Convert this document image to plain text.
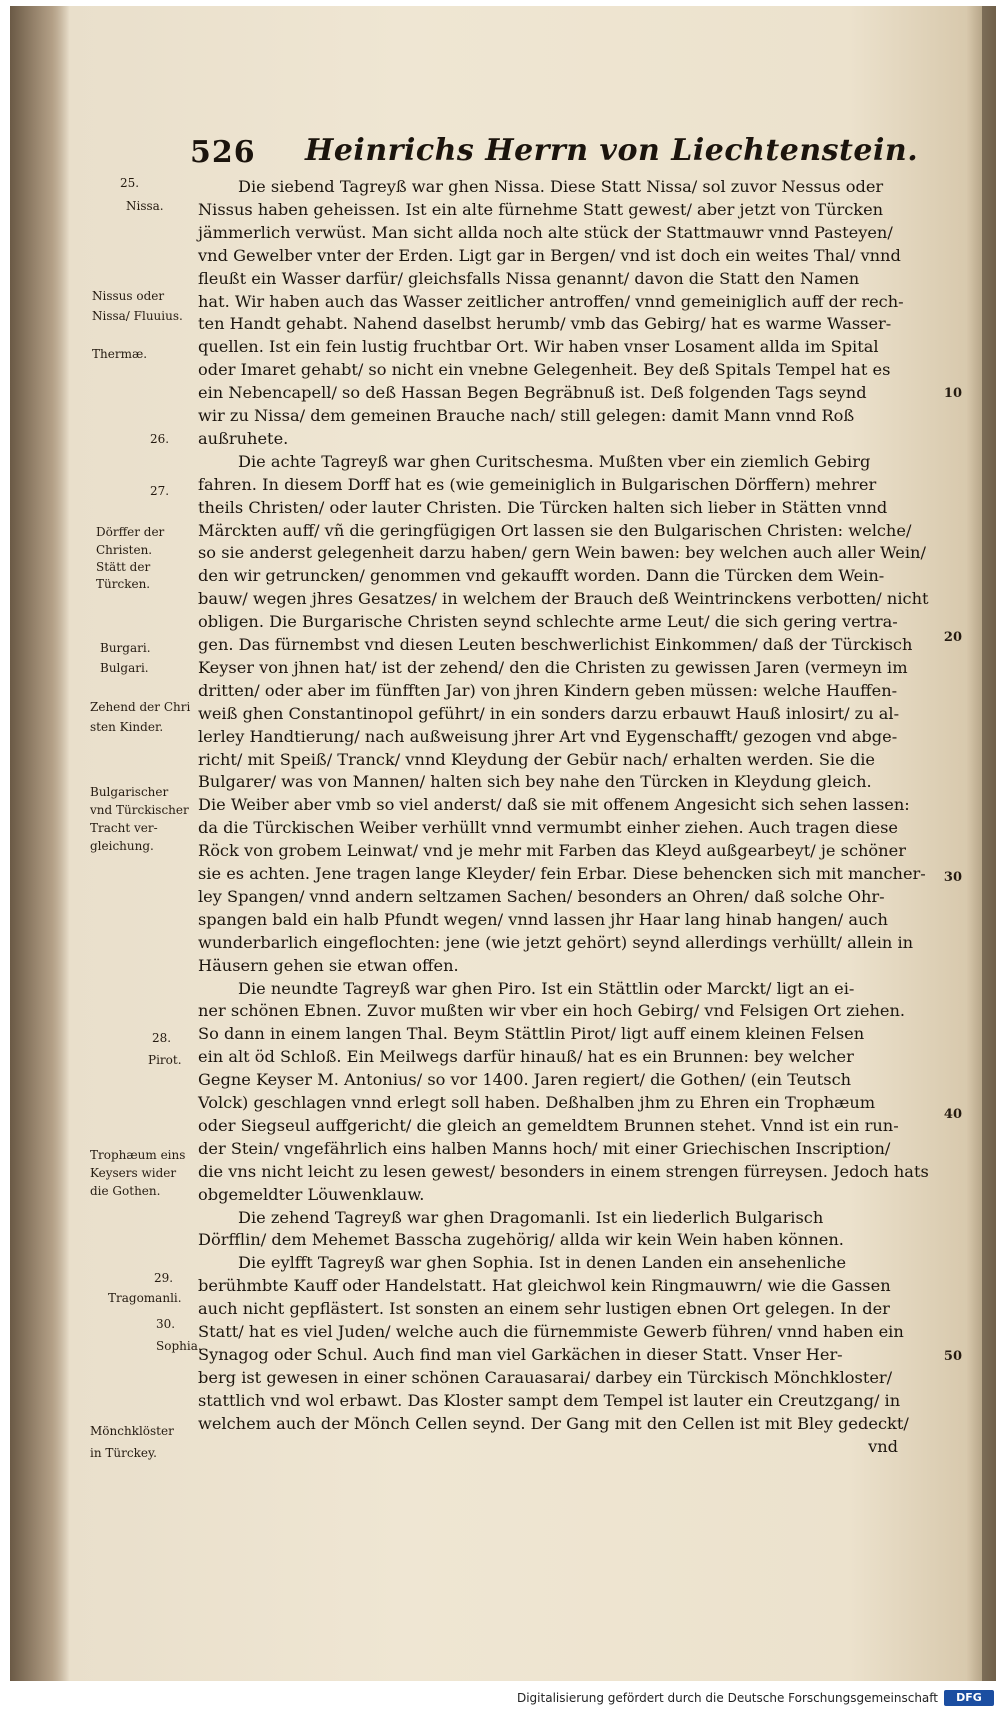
526 Heinrichs Herrn von Liechtenstein.
Die siebend Tagreyß war ghen Nissa. Diese Statt Nissa/ sol zuvor Nessus oder
Nissus haben geheissen. Ist ein alte fürnehme Statt gewest/ aber jetzt von Türcken
jämmerlich verwüst. Man sicht allda noch alte stück der Stattmauwr vnnd Pasteyen/
vnd Gewelber vnter der Erden. Ligt gar in Bergen/ vnd ist doch ein weites Thal/ vnnd
fleußt ein Wasser darfür/ gleichsfalls Nissa genannt/ davon die Statt den Namen
hat. Wir haben auch das Wasser zeitlicher antroffen/ vnnd gemeiniglich auff der rech-
ten Handt gehabt. Nahend daselbst herumb/ vmb das Gebirg/ hat es warme Wasser-
quellen. Ist ein fein lustig fruchtbar Ort. Wir haben vnser Losament allda im Spital
oder Imaret gehabt/ so nicht ein vnebne Gelegenheit. Bey deß Spitals Tempel hat es
ein Nebencapell/ so deß Hassan Begen Begräbnuß ist. Deß folgenden Tags seynd
wir zu Nissa/ dem gemeinen Brauche nach/ still gelegen: damit Mann vnnd Roß
außruhete.
Die achte Tagreyß war ghen Curitschesma. Mußten vber ein ziemlich Gebirg
fahren. In diesem Dorff hat es (wie gemeiniglich in Bulgarischen Dörffern) mehrer
theils Christen/ oder lauter Christen. Die Türcken halten sich lieber in Stätten vnnd
Märckten auff/ vñ die geringfügigen Ort lassen sie den Bulgarischen Christen: welche/
so sie anderst gelegenheit darzu haben/ gern Wein bawen: bey welchen auch aller Wein/
den wir getruncken/ genommen vnd gekaufft worden. Dann die Türcken dem Wein-
bauw/ wegen jhres Gesatzes/ in welchem der Brauch deß Weintrinckens verbotten/ nicht
obligen. Die Burgarische Christen seynd schlechte arme Leut/ die sich gering vertra-
gen. Das fürnembst vnd diesen Leuten beschwerlichist Einkommen/ daß der Türckisch
Keyser von jhnen hat/ ist der zehend/ den die Christen zu gewissen Jaren (vermeyn im
dritten/ oder aber im fünfften Jar) von jhren Kindern geben müssen: welche Hauffen-
weiß ghen Constantinopol geführt/ in ein sonders darzu erbauwt Hauß inlosirt/ zu al-
lerley Handtierung/ nach außweisung jhrer Art vnd Eygenschafft/ gezogen vnd abge-
richt/ mit Speiß/ Tranck/ vnnd Kleydung der Gebür nach/ erhalten werden. Sie die
Bulgarer/ was von Mannen/ halten sich bey nahe den Türcken in Kleydung gleich.
Die Weiber aber vmb so viel anderst/ daß sie mit offenem Angesicht sich sehen lassen:
da die Türckischen Weiber verhüllt vnnd vermumbt einher ziehen. Auch tragen diese
Röck von grobem Leinwat/ vnd je mehr mit Farben das Kleyd außgearbeyt/ je schöner
sie es achten. Jene tragen lange Kleyder/ fein Erbar. Diese behencken sich mit mancher-
ley Spangen/ vnnd andern seltzamen Sachen/ besonders an Ohren/ daß solche Ohr-
spangen bald ein halb Pfundt wegen/ vnnd lassen jhr Haar lang hinab hangen/ auch
wunderbarlich eingeflochten: jene (wie jetzt gehört) seynd allerdings verhüllt/ allein in
Häusern gehen sie etwan offen.
Die neundte Tagreyß war ghen Piro. Ist ein Stättlin oder Marckt/ ligt an ei-
ner schönen Ebnen. Zuvor mußten wir vber ein hoch Gebirg/ vnd Felsigen Ort ziehen.
So dann in einem langen Thal. Beym Stättlin Pirot/ ligt auff einem kleinen Felsen
ein alt öd Schloß. Ein Meilwegs darfür hinauß/ hat es ein Brunnen: bey welcher
Gegne Keyser M. Antonius/ so vor 1400. Jaren regiert/ die Gothen/ (ein Teutsch
Volck) geschlagen vnnd erlegt soll haben. Deßhalben jhm zu Ehren ein Trophæum
oder Siegseul auffgericht/ die gleich an gemeldtem Brunnen stehet. Vnnd ist ein run-
der Stein/ vngefährlich eins halben Manns hoch/ mit einer Griechischen Inscription/
die vns nicht leicht zu lesen gewest/ besonders in einem strengen fürreysen. Jedoch hats
obgemeldter Löuwenklauw.
Die zehend Tagreyß war ghen Dragomanli. Ist ein liederlich Bulgarisch
Dörfflin/ dem Mehemet Basscha zugehörig/ allda wir kein Wein haben können.
Die eylfft Tagreyß war ghen Sophia. Ist in denen Landen ein ansehenliche
berühmbte Kauff oder Handelstatt. Hat gleichwol kein Ringmauwrn/ wie die Gassen
auch nicht gepflästert. Ist sonsten an einem sehr lustigen ebnen Ort gelegen. In der
Statt/ hat es viel Juden/ welche auch die fürnemmiste Gewerb führen/ vnnd haben ein
Synagog oder Schul. Auch find man viel Garkächen in dieser Statt. Vnser Her-
berg ist gewesen in einer schönen Carauasarai/ darbey ein Türckisch Mönchkloster/
stattlich vnd wol erbawt. Das Kloster sampt dem Tempel ist lauter ein Creutzgang/ in
welchem auch der Mönch Cellen seynd. Der Gang mit den Cellen ist mit Bley gedeckt/
vnd
25.
Nissa.
Nissus oder
Nissa/ Fluuius.
Thermæ.
26.
27.
Dörffer der
Christen.
Stätt der
Türcken.
Burgari.
Bulgari.
Zehend der Chri
sten Kinder.
Bulgarischer
vnd Türckischer
Tracht ver-
gleichung.
28.
Pirot.
Trophæum eins
Keysers wider
die Gothen.
29.
Tragomanli.
30.
Sophia.
Mönchklöster
in Türckey.
10
20
30
40
50
Digitalisierung gefördert durch die Deutsche Forschungsgemeinschaft	DFG
